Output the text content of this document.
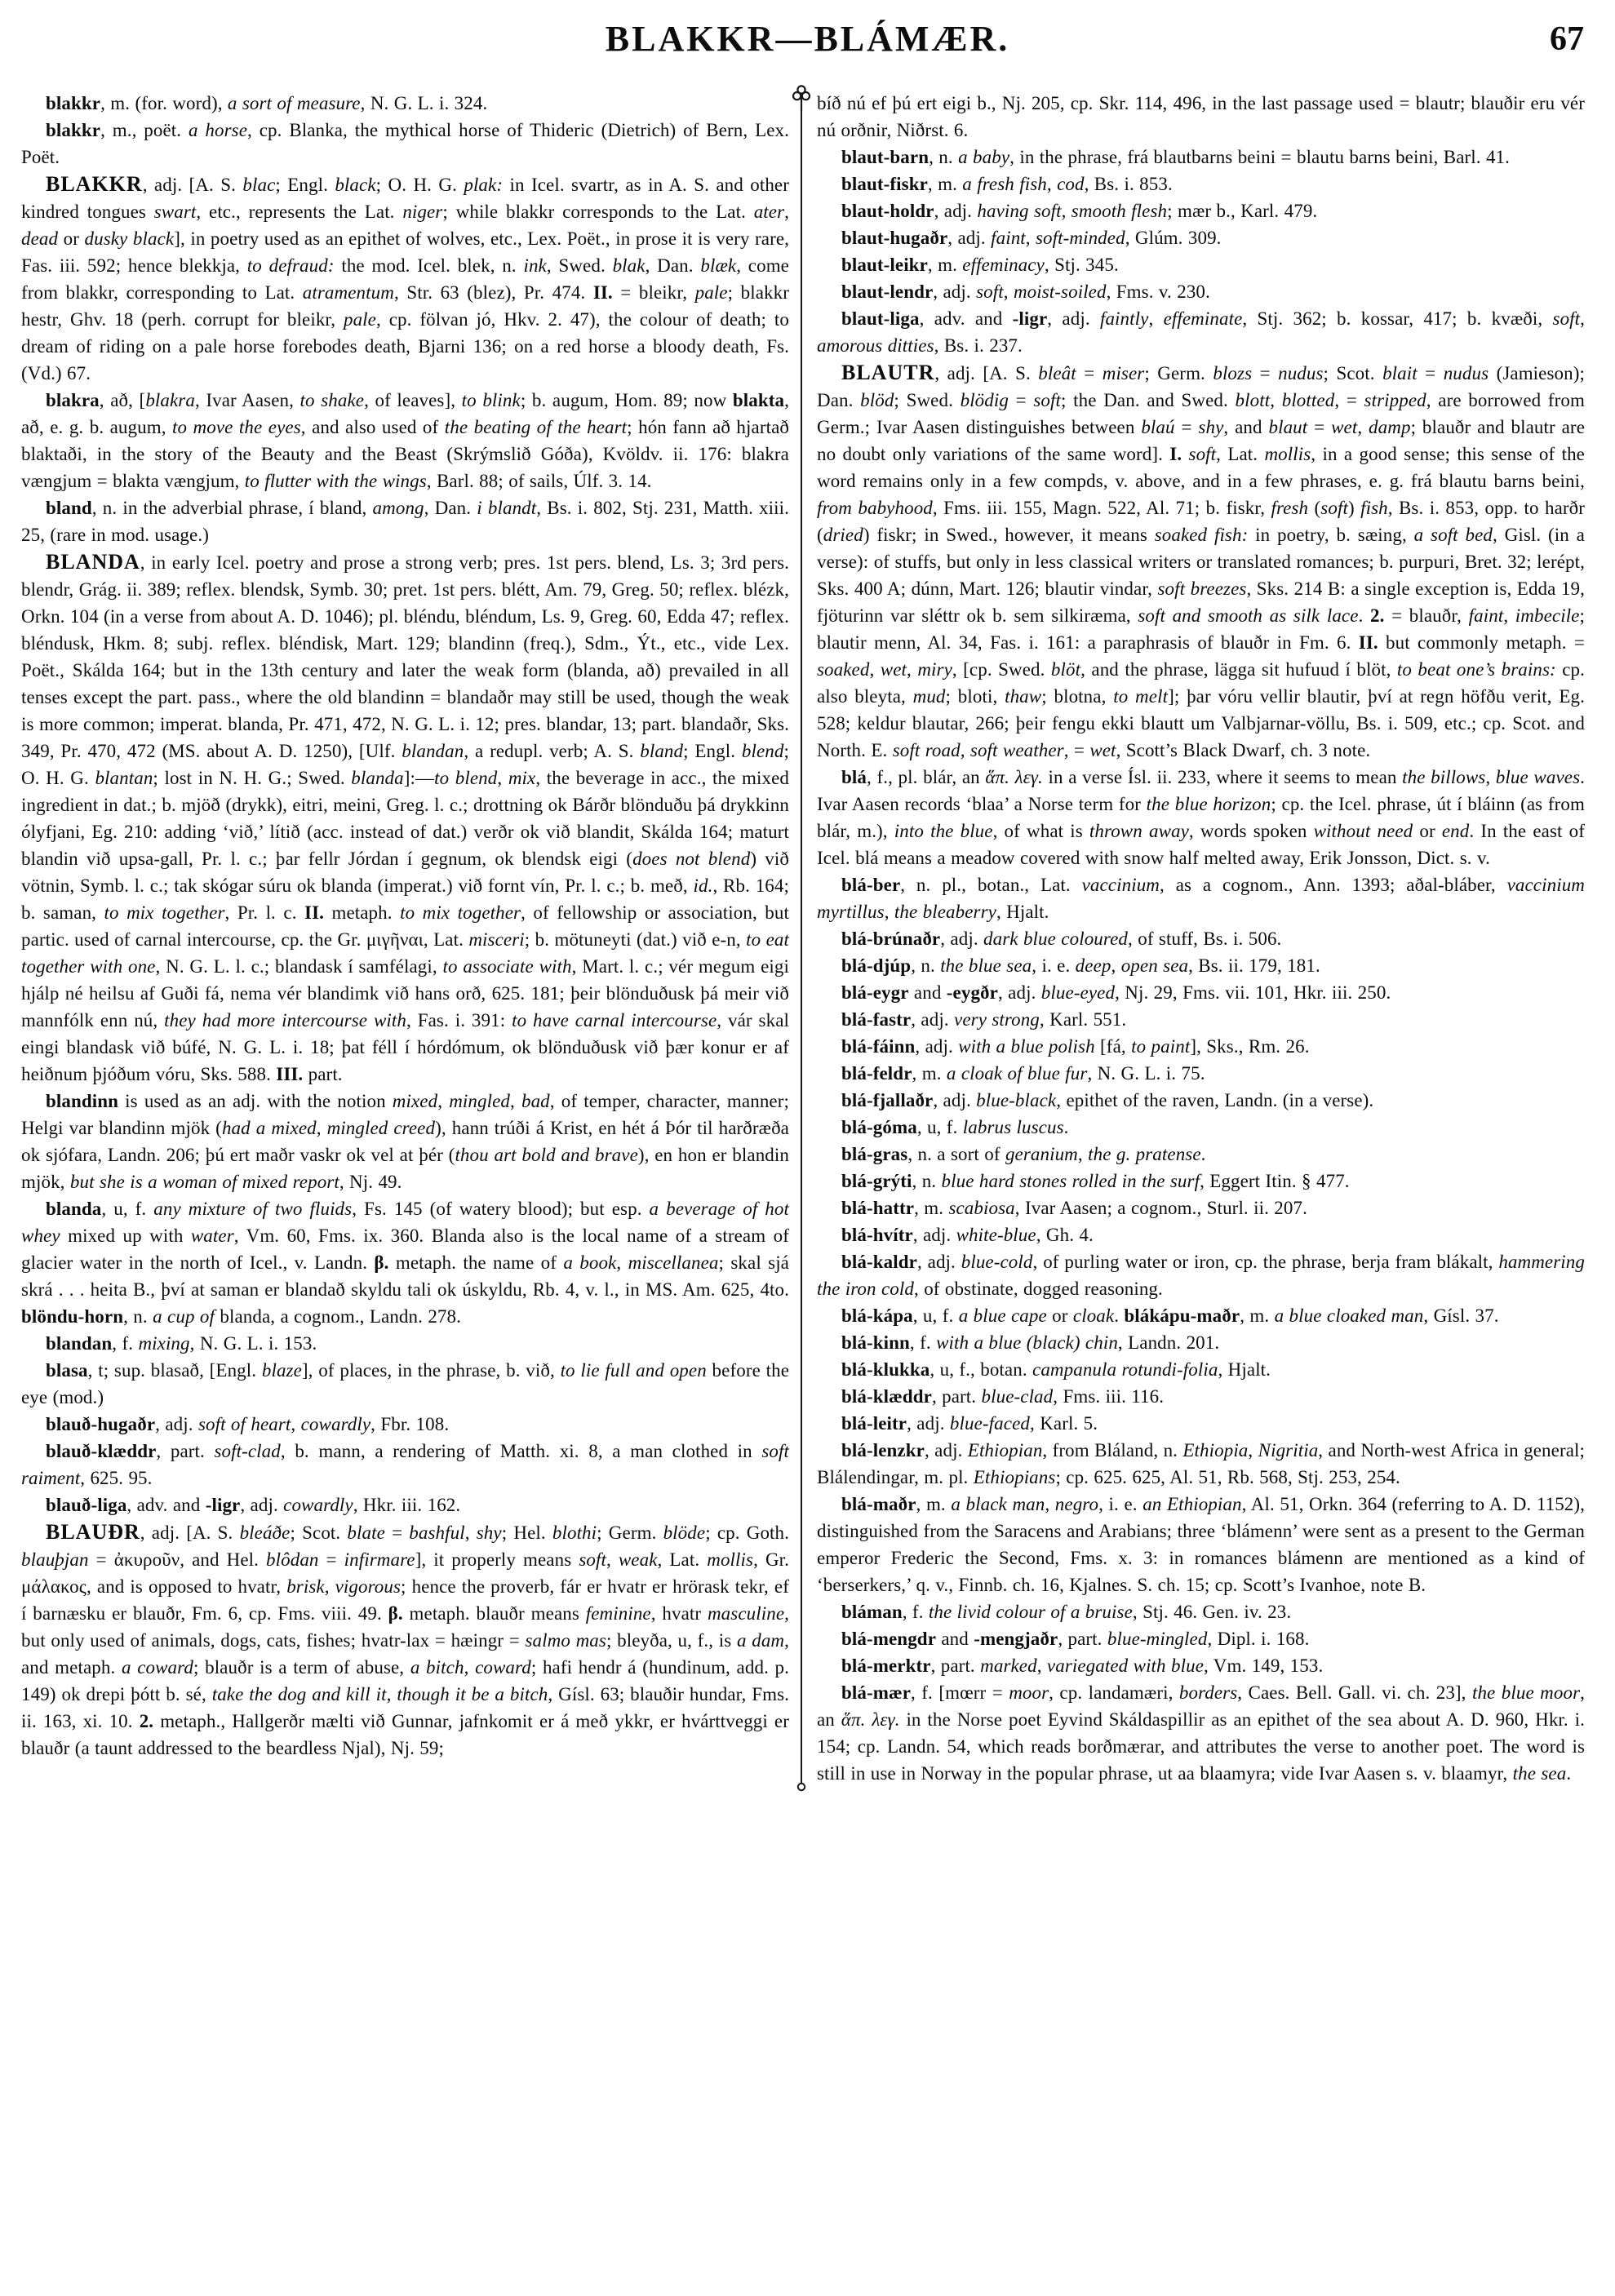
BLAKKR—BLÁMÆR.	67

blakkr, m. (for. word), a sort of measure, N. G. L. i. 324.

blakkr, m., poët. a horse, cp. Blanka, the mythical horse of Thideric (Dietrich) of Bern, Lex. Poët.

BLAKKR, adj. [A. S. blac; Engl. black; O. H. G. plak: in Icel. svartr, as in A. S. and other kindred tongues swart, etc., represents the Lat. niger; while blakkr corresponds to the Lat. ater, dead or dusky black], in poetry used as an epithet of wolves, etc., Lex. Poët., in prose it is very rare, Fas. iii. 592; hence blekkja, to defraud: the mod. Icel. blek, n. ink, Swed. blak, Dan. blæk, come from blakkr, corresponding to Lat. atramentum, Str. 63 (blez), Pr. 474. II. = bleikr, pale; blakkr hestr, Ghv. 18 (perh. corrupt for bleikr, pale, cp. fölvan jó, Hkv. 2. 47), the colour of death; to dream of riding on a pale horse forebodes death, Bjarni 136; on a red horse a bloody death, Fs. (Vd.) 67.

blakra, að, [blakra, Ivar Aasen, to shake, of leaves], to blink; b. augum, Hom. 89; now blakta, að, e. g. b. augum, to move the eyes, and also used of the beating of the heart; hón fann að hjartað blaktaði, in the story of the Beauty and the Beast (Skrýmslið Góða), Kvöldv. ii. 176: blakra vængjum = blakta vængjum, to flutter with the wings, Barl. 88; of sails, Úlf. 3. 14.

bland, n. in the adverbial phrase, í bland, among, Dan. i blandt, Bs. i. 802, Stj. 231, Matth. xiii. 25, (rare in mod. usage.)

BLANDA, in early Icel. poetry and prose a strong verb; pres. 1st pers. blend, Ls. 3; 3rd pers. blendr, Grág. ii. 389; reflex. blendsk, Symb. 30; pret. 1st pers. blétt, Am. 79, Greg. 50; reflex. blézk, Orkn. 104 (in a verse from about A. D. 1046); pl. bléndu, bléndum, Ls. 9, Greg. 60, Edda 47; reflex. bléndusk, Hkm. 8; subj. reflex. bléndisk, Mart. 129; blandinn (freq.), Sdm., Ýt., etc., vide Lex. Poët., Skálda 164; but in the 13th century and later the weak form (blanda, að) prevailed in all tenses except the part. pass., where the old blandinn = blandaðr may still be used, though the weak is more common; imperat. blanda, Pr. 471, 472, N. G. L. i. 12; pres. blandar, 13; part. blandaðr, Sks. 349, Pr. 470, 472 (MS. about A. D. 1250), [Ulf. blandan, a redupl. verb; A. S. bland; Engl. blend; O. H. G. blantan; lost in N. H. G.; Swed. blanda]:—to blend, mix, the beverage in acc., the mixed ingredient in dat.; b. mjöð (drykk), eitri, meini, Greg. l. c.; drottning ok Bárðr blönduðu þá drykkinn ólyfjani, Eg. 210: adding ‘við,’ lítið (acc. instead of dat.) verðr ok við blandit, Skálda 164; maturt blandin við upsa-gall, Pr. l. c.; þar fellr Jórdan í gegnum, ok blendsk eigi (does not blend) við vötnin, Symb. l. c.; tak skógar súru ok blanda (imperat.) við fornt vín, Pr. l. c.; b. með, id., Rb. 164; b. saman, to mix together, Pr. l. c. II. metaph. to mix together, of fellowship or association, but partic. used of carnal intercourse, cp. the Gr. μιγῆναι, Lat. misceri; b. mötuneyti (dat.) við e-n, to eat together with one, N. G. L. l. c.; blandask í samfélagi, to associate with, Mart. l. c.; vér megum eigi hjálp né heilsu af Guði fá, nema vér blandimk við hans orð, 625. 181; þeir blönduðusk þá meir við mannfólk enn nú, they had more intercourse with, Fas. i. 391: to have carnal intercourse, vár skal eingi blandask við búfé, N. G. L. i. 18; þat féll í hórdómum, ok blönduðusk við þær konur er af heiðnum þjóðum vóru, Sks. 588. III. part.

blandinn is used as an adj. with the notion mixed, mingled, bad, of temper, character, manner; Helgi var blandinn mjök (had a mixed, mingled creed), hann trúði á Krist, en hét á Þór til harðræða ok sjófara, Landn. 206; þú ert maðr vaskr ok vel at þér (thou art bold and brave), en hon er blandin mjök, but she is a woman of mixed report, Nj. 49.

blanda, u, f. any mixture of two fluids, Fs. 145 (of watery blood); but esp. a beverage of hot whey mixed up with water, Vm. 60, Fms. ix. 360. Blanda also is the local name of a stream of glacier water in the north of Icel., v. Landn. β. metaph. the name of a book, miscellanea; skal sjá skrá . . . heita B., því at saman er blandað skyldu tali ok úskyldu, Rb. 4, v. l., in MS. Am. 625, 4to. blöndu-horn, n. a cup of blanda, a cognom., Landn. 278.

blandan, f. mixing, N. G. L. i. 153.

blasa, t; sup. blasað, [Engl. blaze], of places, in the phrase, b. við, to lie full and open before the eye (mod.)

blauð-hugaðr, adj. soft of heart, cowardly, Fbr. 108.

blauð-klæddr, part. soft-clad, b. mann, a rendering of Matth. xi. 8, a man clothed in soft raiment, 625. 95.

blauð-liga, adv. and -ligr, adj. cowardly, Hkr. iii. 162.

BLAUÐR, adj. [A. S. bleáðe; Scot. blate = bashful, shy; Hel. blothi; Germ. blöde; cp. Goth. blauþjan = ἀκυροῦν, and Hel. blôdan = infirmare], it properly means soft, weak, Lat. mollis, Gr. μάλακος, and is opposed to hvatr, brisk, vigorous; hence the proverb, fár er hvatr er hrörask tekr, ef í barnæsku er blauðr, Fm. 6, cp. Fms. viii. 49. β. metaph. blauðr means feminine, hvatr masculine, but only used of animals, dogs, cats, fishes; hvatr-lax = hæingr = salmo mas; bleyða, u, f., is a dam, and metaph. a coward; blauðr is a term of abuse, a bitch, coward; hafi hendr á (hundinum, add. p. 149) ok drepi þótt b. sé, take the dog and kill it, though it be a bitch, Gísl. 63; blauðir hundar, Fms. ii. 163, xi. 10. 2. metaph., Hallgerðr mælti við Gunnar, jafnkomit er á með ykkr, er hvárttveggi er blauðr (a taunt addressed to the beardless Njal), Nj. 59;

bíð nú ef þú ert eigi b., Nj. 205, cp. Skr. 114, 496, in the last passage used = blautr; blauðir eru vér nú orðnir, Niðrst. 6.

blaut-barn, n. a baby, in the phrase, frá blautbarns beini = blautu barns beini, Barl. 41.

blaut-fiskr, m. a fresh fish, cod, Bs. i. 853.

blaut-holdr, adj. having soft, smooth flesh; mær b., Karl. 479.

blaut-hugaðr, adj. faint, soft-minded, Glúm. 309.

blaut-leikr, m. effeminacy, Stj. 345.

blaut-lendr, adj. soft, moist-soiled, Fms. v. 230.

blaut-liga, adv. and -ligr, adj. faintly, effeminate, Stj. 362; b. kossar, 417; b. kvæði, soft, amorous ditties, Bs. i. 237.

BLAUTR, adj. [A. S. bleât = miser; Germ. blozs = nudus; Scot. blait = nudus (Jamieson); Dan. blöd; Swed. blödig = soft; the Dan. and Swed. blott, blotted, = stripped, are borrowed from Germ.; Ivar Aasen distinguishes between blaú = shy, and blaut = wet, damp; blauðr and blautr are no doubt only variations of the same word]. I. soft, Lat. mollis, in a good sense; this sense of the word remains only in a few compds, v. above, and in a few phrases, e. g. frá blautu barns beini, from babyhood, Fms. iii. 155, Magn. 522, Al. 71; b. fiskr, fresh (soft) fish, Bs. i. 853, opp. to harðr (dried) fiskr; in Swed., however, it means soaked fish: in poetry, b. sæing, a soft bed, Gisl. (in a verse): of stuffs, but only in less classical writers or translated romances; b. purpuri, Bret. 32; lerépt, Sks. 400 A; dúnn, Mart. 126; blautir vindar, soft breezes, Sks. 214 B: a single exception is, Edda 19, fjöturinn var sléttr ok b. sem silkiræma, soft and smooth as silk lace. 2. = blauðr, faint, imbecile; blautir menn, Al. 34, Fas. i. 161: a paraphrasis of blauðr in Fm. 6. II. but commonly metaph. = soaked, wet, miry, [cp. Swed. blöt, and the phrase, lägga sit hufuud í blöt, to beat one’s brains: cp. also bleyta, mud; bloti, thaw; blotna, to melt]; þar vóru vellir blautir, því at regn höfðu verit, Eg. 528; keldur blautar, 266; þeir fengu ekki blautt um Valbjarnar-völlu, Bs. i. 509, etc.; cp. Scot. and North. E. soft road, soft weather, = wet, Scott’s Black Dwarf, ch. 3 note.

blá, f., pl. blár, an ἅπ. λεγ. in a verse Ísl. ii. 233, where it seems to mean the billows, blue waves. Ivar Aasen records ‘blaa’ a Norse term for the blue horizon; cp. the Icel. phrase, út í bláinn (as from blár, m.), into the blue, of what is thrown away, words spoken without need or end. In the east of Icel. blá means a meadow covered with snow half melted away, Erik Jonsson, Dict. s. v.

blá-ber, n. pl., botan., Lat. vaccinium, as a cognom., Ann. 1393; aðal-bláber, vaccinium myrtillus, the bleaberry, Hjalt.

blá-brúnaðr, adj. dark blue coloured, of stuff, Bs. i. 506.

blá-djúp, n. the blue sea, i. e. deep, open sea, Bs. ii. 179, 181.

blá-eygr and -eygðr, adj. blue-eyed, Nj. 29, Fms. vii. 101, Hkr. iii. 250.

blá-fastr, adj. very strong, Karl. 551.

blá-fáinn, adj. with a blue polish [fá, to paint], Sks., Rm. 26.

blá-feldr, m. a cloak of blue fur, N. G. L. i. 75.

blá-fjallaðr, adj. blue-black, epithet of the raven, Landn. (in a verse).

blá-góma, u, f. labrus luscus.

blá-gras, n. a sort of geranium, the g. pratense.

blá-grýti, n. blue hard stones rolled in the surf, Eggert Itin. § 477.

blá-hattr, m. scabiosa, Ivar Aasen; a cognom., Sturl. ii. 207.

blá-hvítr, adj. white-blue, Gh. 4.

blá-kaldr, adj. blue-cold, of purling water or iron, cp. the phrase, berja fram blákalt, hammering the iron cold, of obstinate, dogged reasoning.

blá-kápa, u, f. a blue cape or cloak. blákápu-maðr, m. a blue cloaked man, Gísl. 37.

blá-kinn, f. with a blue (black) chin, Landn. 201.

blá-klukka, u, f., botan. campanula rotundi-folia, Hjalt.

blá-klæddr, part. blue-clad, Fms. iii. 116.

blá-leitr, adj. blue-faced, Karl. 5.

blá-lenzkr, adj. Ethiopian, from Bláland, n. Ethiopia, Nigritia, and North-west Africa in general; Blálendingar, m. pl. Ethiopians; cp. 625. 625, Al. 51, Rb. 568, Stj. 253, 254.

blá-maðr, m. a black man, negro, i. e. an Ethiopian, Al. 51, Orkn. 364 (referring to A. D. 1152), distinguished from the Saracens and Arabians; three ‘blámenn’ were sent as a present to the German emperor Frederic the Second, Fms. x. 3: in romances blámenn are mentioned as a kind of ‘berserkers,’ q. v., Finnb. ch. 16, Kjalnes. S. ch. 15; cp. Scott’s Ivanhoe, note B.

bláman, f. the livid colour of a bruise, Stj. 46. Gen. iv. 23.

blá-mengdr and -mengjaðr, part. blue-mingled, Dipl. i. 168.

blá-merktr, part. marked, variegated with blue, Vm. 149, 153.

blá-mær, f. [mœrr = moor, cp. landamæri, borders, Caes. Bell. Gall. vi. ch. 23], the blue moor, an ἅπ. λεγ. in the Norse poet Eyvind Skáldaspillir as an epithet of the sea about A. D. 960, Hkr. i. 154; cp. Landn. 54, which reads borðmærar, and attributes the verse to another poet. The word is still in use in Norway in the popular phrase, ut aa blaamyra; vide Ivar Aasen s. v. blaamyr, the sea.
